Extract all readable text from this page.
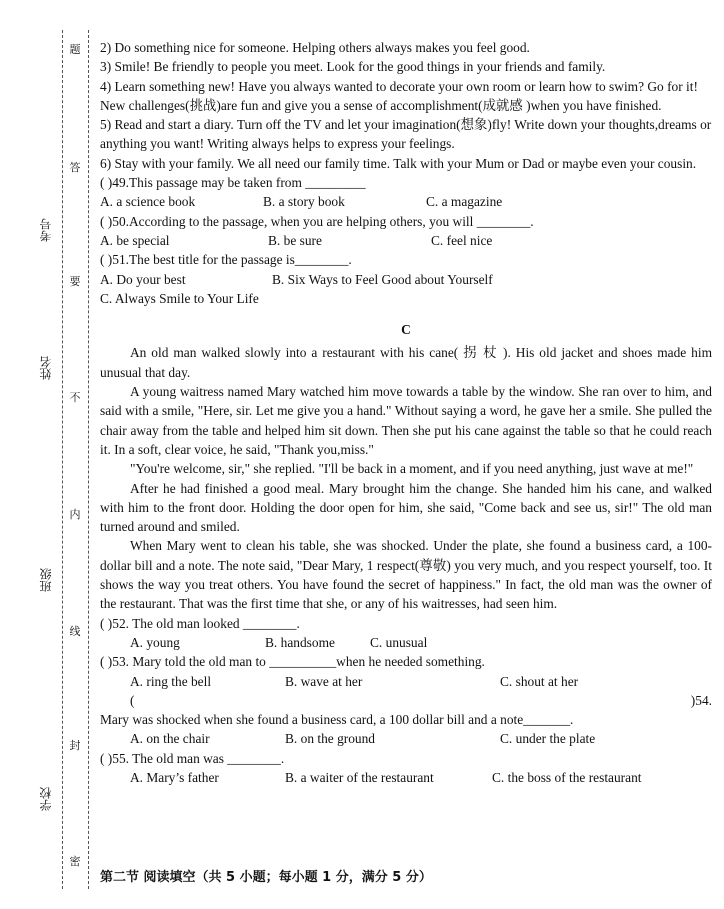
考号
姓名
班级
学校
题
答
要
不
内
线
封
密

2) Do something nice for someone. Helping others always makes you feel good.

3) Smile! Be friendly to people you meet. Look for the good things in your friends and family.

4) Learn something new! Have you always wanted to decorate your own room or learn how to swim? Go for it! New challenges(挑战)are fun and give you a sense of accomplishment(成就感 )when you have finished.

5) Read and start a diary. Turn off the TV and let your imagination(想象)fly! Write down your thoughts,dreams or anything you want! Writing always helps to express your feelings.

6) Stay with your family. We all need our family time. Talk with your Mum or Dad or maybe even your cousin.

( )49.This passage may be taken from _________

A. a science book	B. a story book	C. a magazine

( )50.According to the passage, when you are helping others, you will ________.

A. be special	B. be sure	C. feel nice

( )51.The best title for the passage is________.

A. Do your best	B. Six Ways to Feel Good about Yourself

C. Always Smile to Your Life

C

An old man walked slowly into a restaurant with his cane( 拐 杖 ). His old jacket and shoes made him unusual that day.

A young waitress named Mary watched him move towards a table by the window. She ran over to him, and said with a smile, "Here, sir. Let me give you a hand." Without saying a word, he gave her a smile. She pulled the chair away from the table and helped him sit down. Then she put his cane against the table so that he could reach it. In a soft, clear voice, he said, "Thank you,miss."

"You're welcome, sir," she replied. "I'll be back in a moment, and if you need anything, just wave at me!"

After he had finished a good meal. Mary brought him the change. She handed him his cane, and walked with him to the front door. Holding the door open for him, she said, "Come back and see us, sir!" The old man turned around and smiled.

When Mary went to clean his table, she was shocked. Under the plate, she found a business card, a 100-dollar bill and a note. The note said, "Dear Mary, 1 respect(尊敬) you very much, and you respect yourself, too. It shows the way you treat others. You have found the secret of happiness." In fact, the old man was the owner of the restaurant. That was the first time that she, or any of his waitresses, had seen him.

( )52. The old man looked ________.

A. young	B. handsome	C. unusual

( )53. Mary told the old man to __________when he needed something.

A. ring the bell	B. wave at her	C. shout at her
(	)54.

Mary was shocked when she found a business card, a 100 dollar bill and a note_______.

A. on the chair	B. on the ground	C. under the plate

( )55. The old man was ________.

A. Mary’s father	B. a waiter of the restaurant	C. the boss of the restaurant
第二节 阅读填空（共 5 小题；每小题 1 分，满分 5 分）
